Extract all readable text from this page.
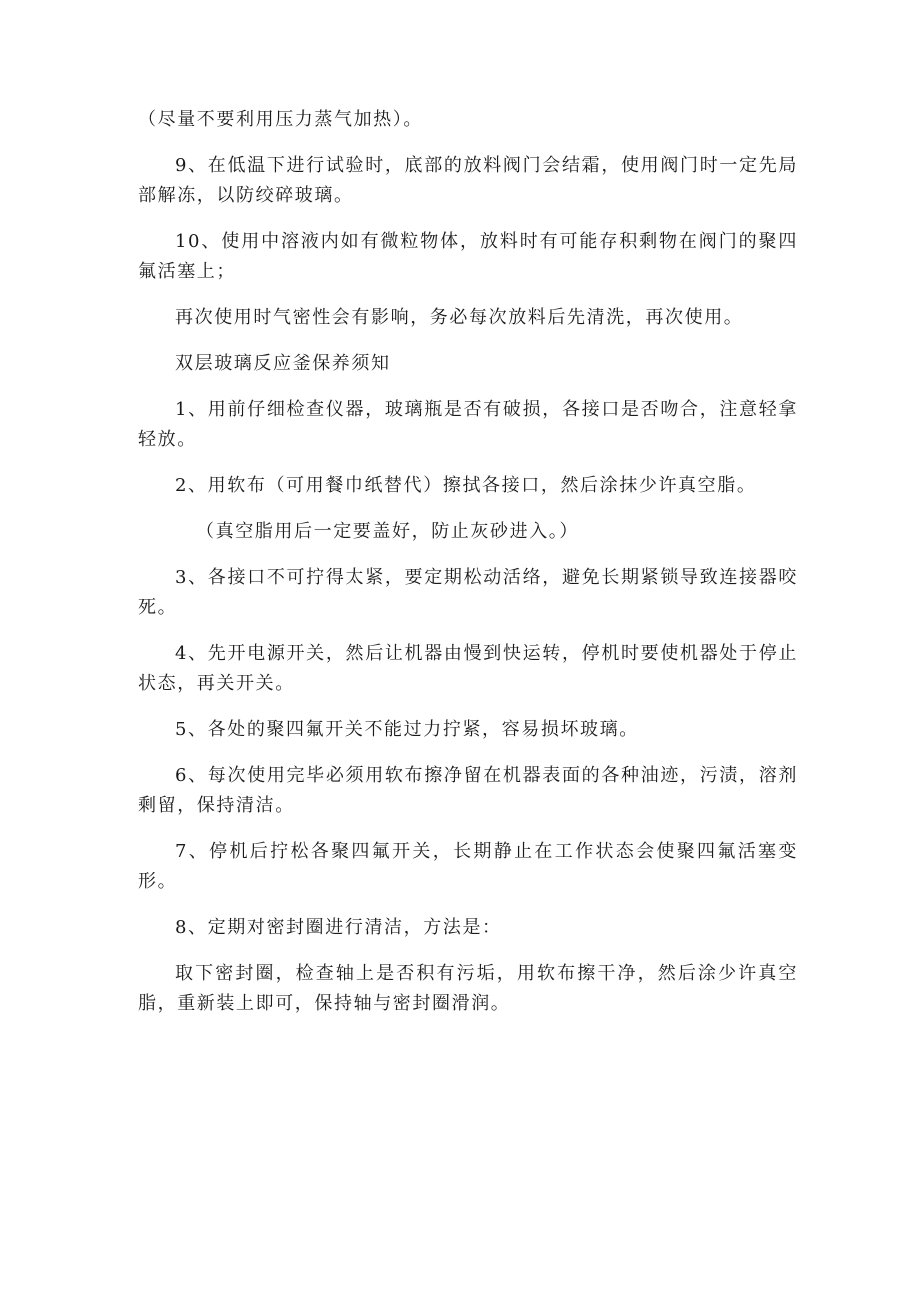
（尽量不要利用压力蒸气加热）。

9、在低温下进行试验时，底部的放料阀门会结霜，使用阀门时一定先局部解冻，以防绞碎玻璃。

10、使用中溶液内如有微粒物体，放料时有可能存积剩物在阀门的聚四氟活塞上；

再次使用时气密性会有影响，务必每次放料后先清洗，再次使用。

双层玻璃反应釜保养须知

1、用前仔细检查仪器，玻璃瓶是否有破损，各接口是否吻合，注意轻拿轻放。

2、用软布（可用餐巾纸替代）擦拭各接口，然后涂抹少许真空脂。

（真空脂用后一定要盖好，防止灰砂进入。）

3、各接口不可拧得太紧，要定期松动活络，避免长期紧锁导致连接器咬死。

4、先开电源开关，然后让机器由慢到快运转，停机时要使机器处于停止状态，再关开关。

5、各处的聚四氟开关不能过力拧紧，容易损坏玻璃。

6、每次使用完毕必须用软布擦净留在机器表面的各种油迹，污渍，溶剂剩留，保持清洁。

7、停机后拧松各聚四氟开关，长期静止在工作状态会使聚四氟活塞变形。

8、定期对密封圈进行清洁，方法是：

取下密封圈，检查轴上是否积有污垢，用软布擦干净，然后涂少许真空脂，重新装上即可，保持轴与密封圈滑润。
